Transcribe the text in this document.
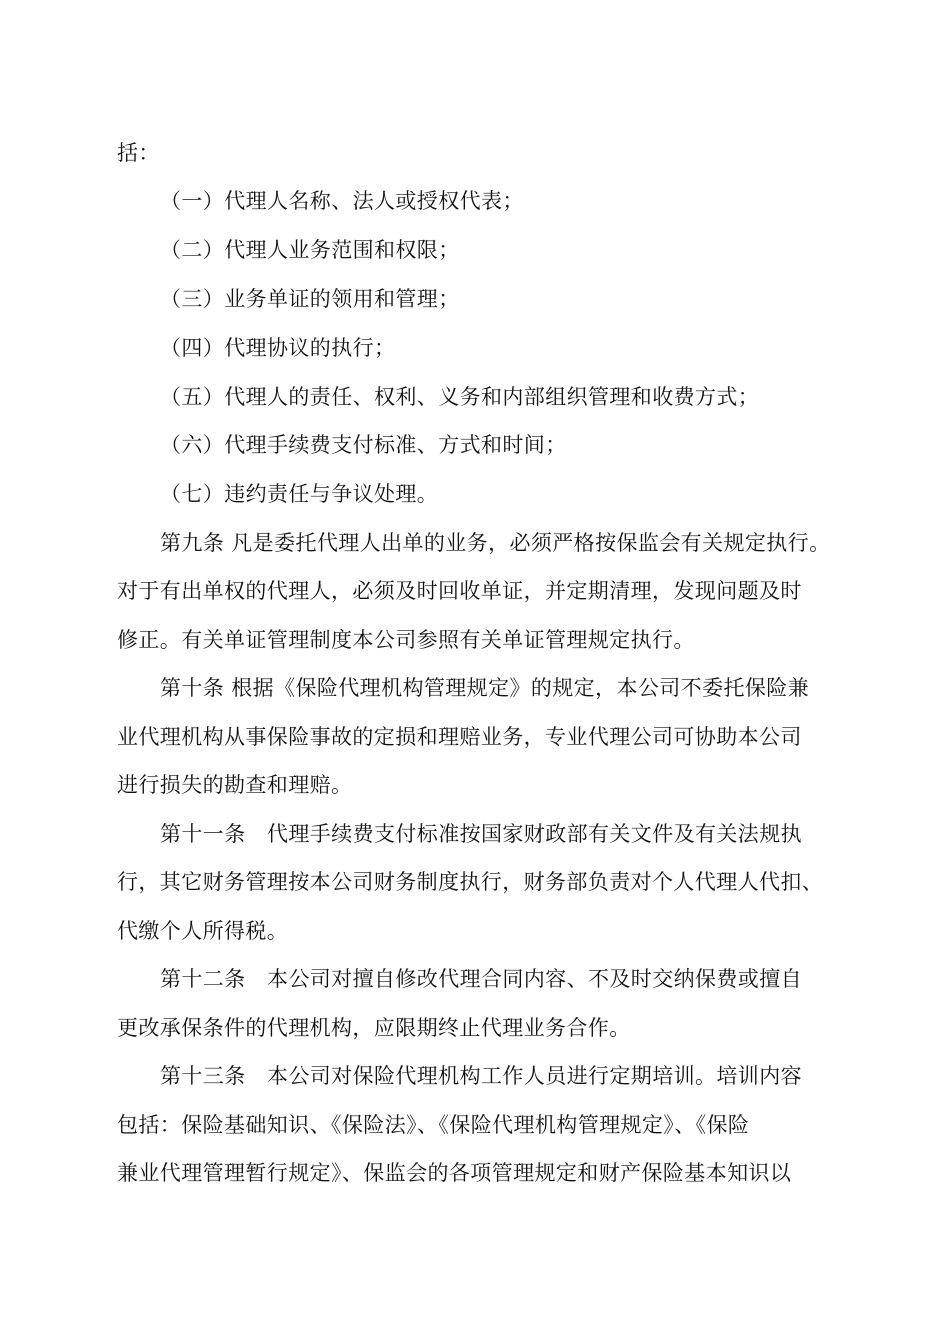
括：
（一）代理人名称、法人或授权代表；
（二）代理人业务范围和权限；
（三）业务单证的领用和管理；
（四）代理协议的执行；
（五）代理人的责任、权利、义务和内部组织管理和收费方式；
（六）代理手续费支付标准、方式和时间；
（七）违约责任与争议处理。
第九条 凡是委托代理人出单的业务，必须严格按保监会有关规定执行。
对于有出单权的代理人，必须及时回收单证，并定期清理，发现问题及时
修正。有关单证管理制度本公司参照有关单证管理规定执行。
第十条 根据《保险代理机构管理规定》的规定，本公司不委托保险兼
业代理机构从事保险事故的定损和理赔业务，专业代理公司可协助本公司
进行损失的勘查和理赔。
第十一条　代理手续费支付标准按国家财政部有关文件及有关法规执
行，其它财务管理按本公司财务制度执行，财务部负责对个人代理人代扣、
代缴个人所得税。
第十二条　本公司对擅自修改代理合同内容、不及时交纳保费或擅自
更改承保条件的代理机构，应限期终止代理业务合作。
第十三条　本公司对保险代理机构工作人员进行定期培训。培训内容
包括：保险基础知识、《保险法》、《保险代理机构管理规定》、《保险
兼业代理管理暂行规定》、保监会的各项管理规定和财产保险基本知识以
